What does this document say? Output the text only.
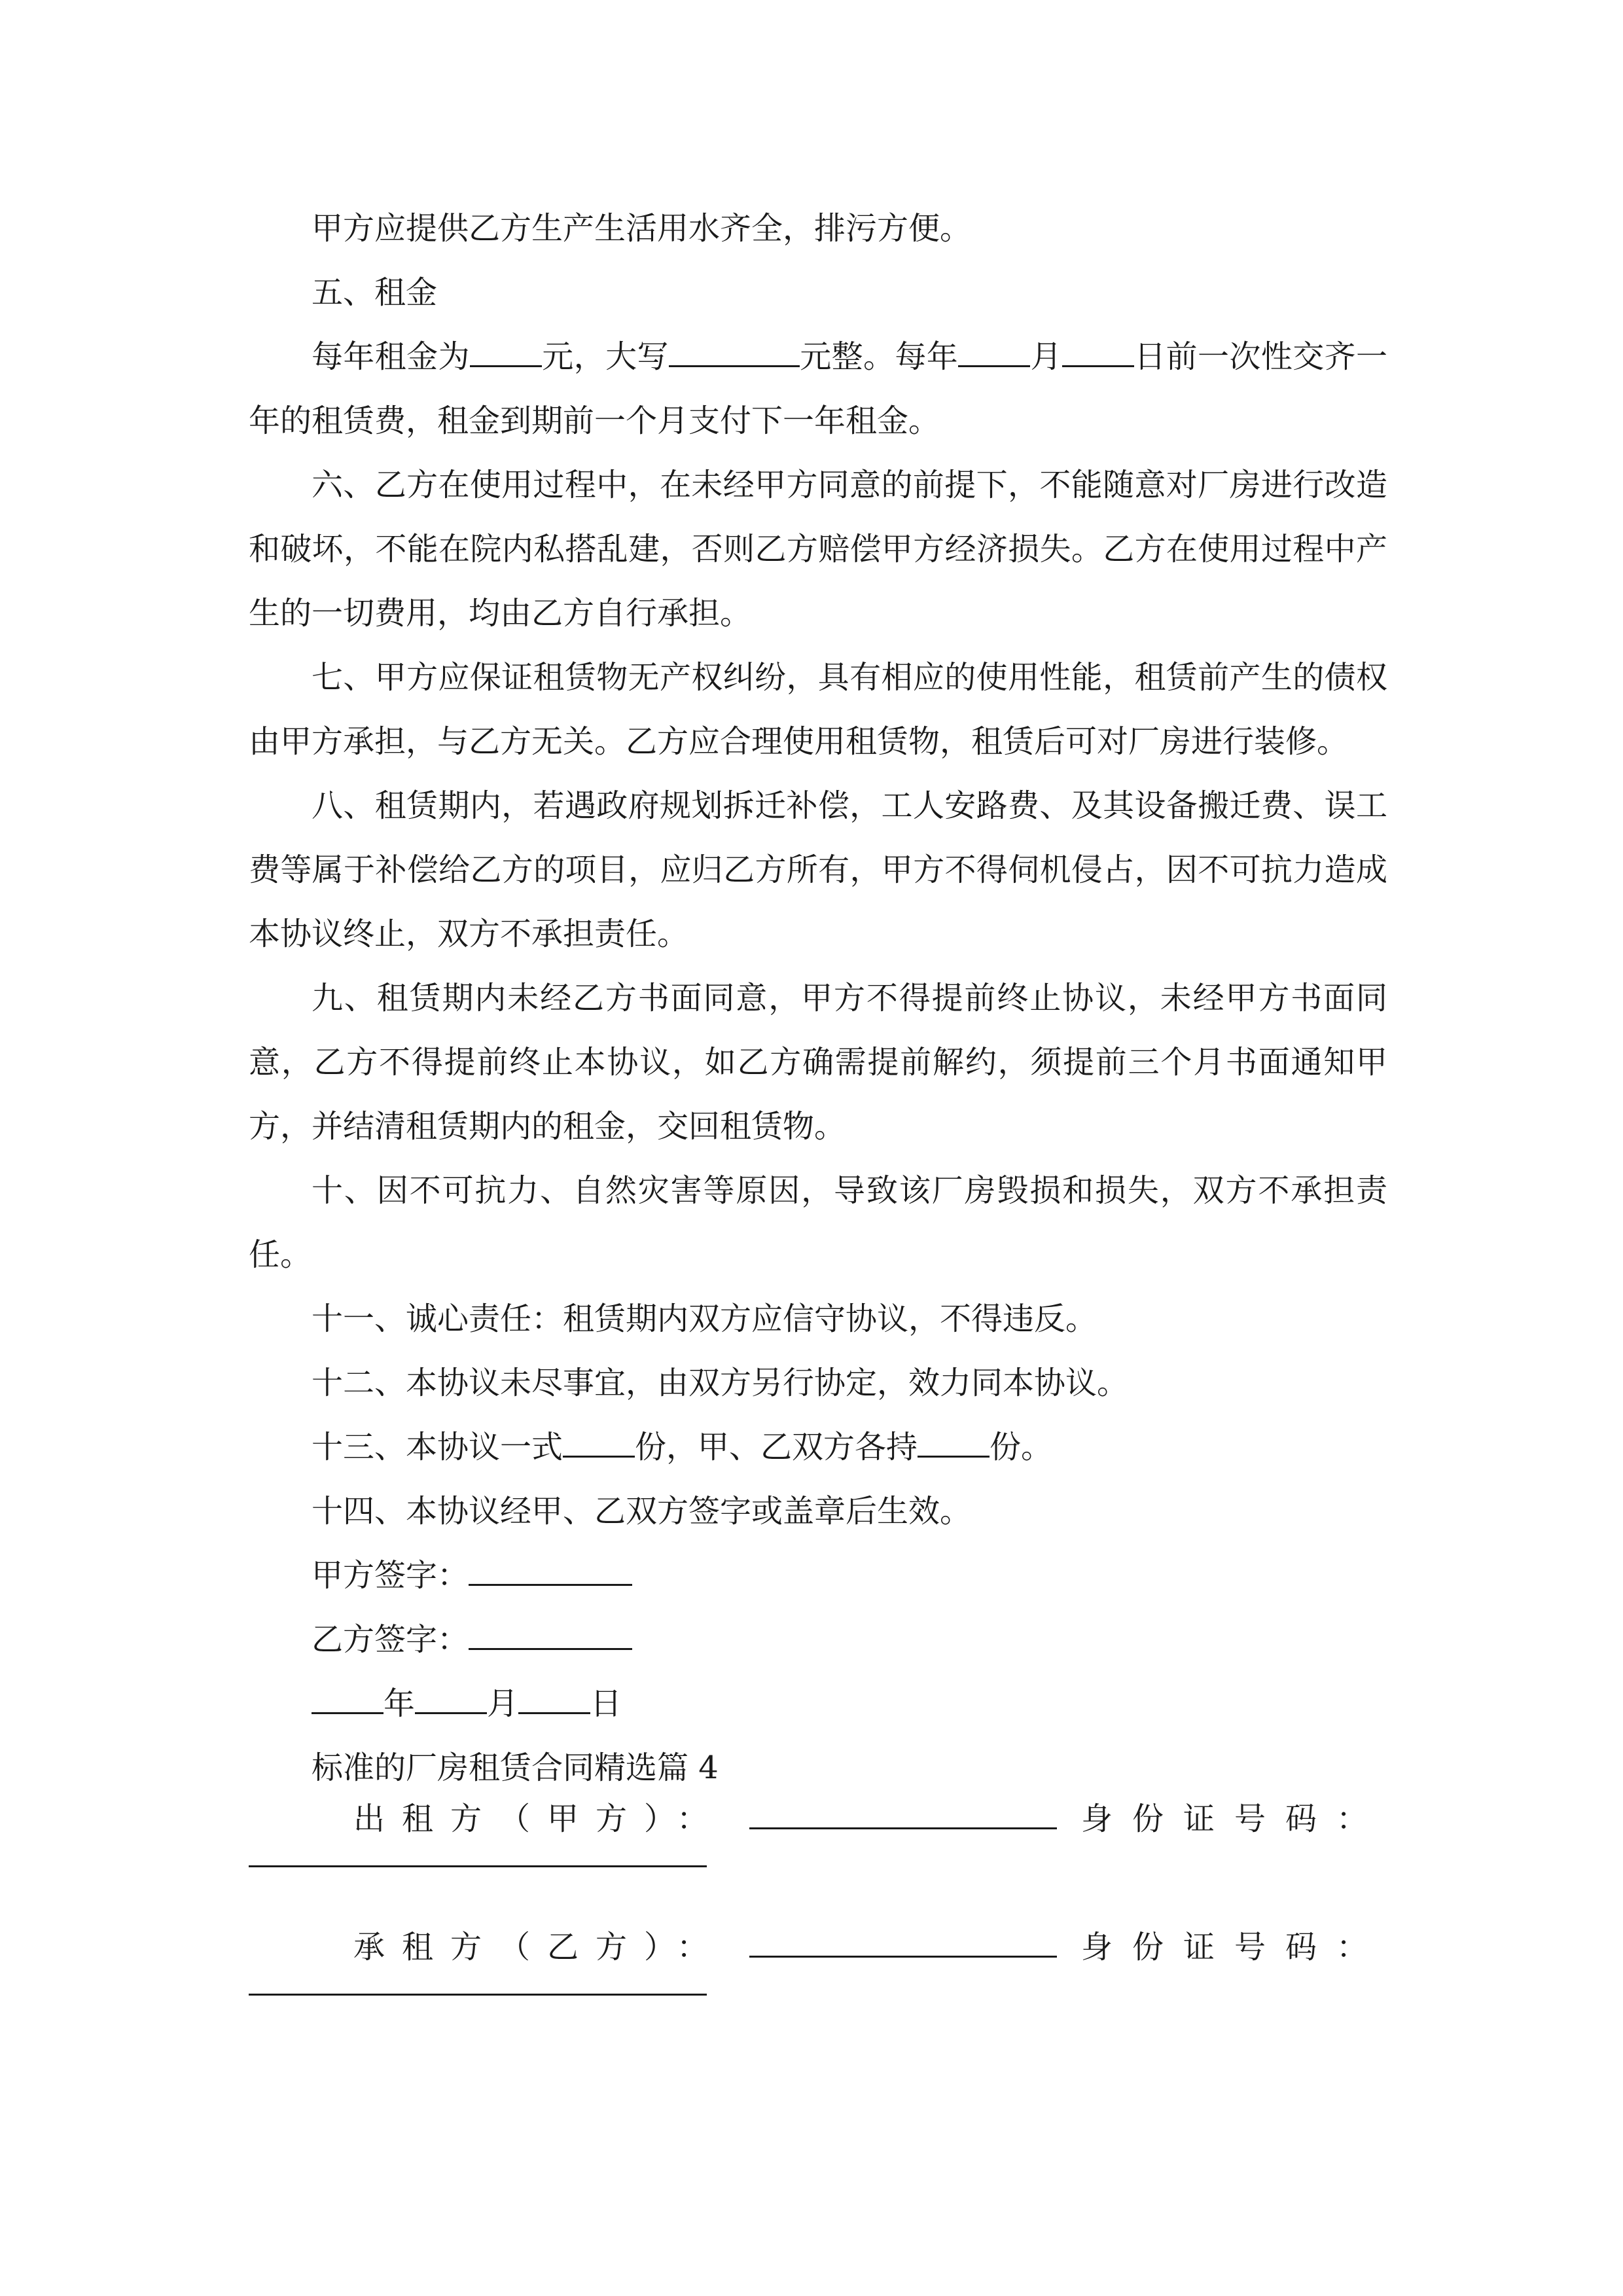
甲方应提供乙方生产生活用水齐全，排污方便。

五、租金

每年租金为 元，大写	元整。每年 月 日前一次性交齐一年的租赁费，租金到期前一个月支付下一年租金。

六、乙方在使用过程中，在未经甲方同意的前提下，不能随意对厂房进行改造和破坏，不能在院内私搭乱建，否则乙方赔偿甲方经济损失。乙方在使用过程中产生的一切费用，均由乙方自行承担。

七、甲方应保证租赁物无产权纠纷，具有相应的使用性能，租赁前产生的债权由甲方承担，与乙方无关。乙方应合理使用租赁物，租赁后可对厂房进行装修。

八、租赁期内，若遇政府规划拆迁补偿，工人安路费、及其设备搬迁费、误工费等属于补偿给乙方的项目，应归乙方所有，甲方不得伺机侵占，因不可抗力造成本协议终止，双方不承担责任。

九、租赁期内未经乙方书面同意，甲方不得提前终止协议，未经甲方书面同意，乙方不得提前终止本协议，如乙方确需提前解约，须提前三个月书面通知甲方，并结清租赁期内的租金，交回租赁物。

十、因不可抗力、自然灾害等原因，导致该厂房毁损和损失，双方不承担责任。

十一、诚心责任：租赁期内双方应信守协议，不得违反。

十二、本协议未尽事宜，由双方另行协定，效力同本协议。

十三、本协议一式 份，甲、乙双方各持 份。

十四、本协议经甲、乙双方签字或盖章后生效。

甲方签字：

乙方签字：

年 月 日

标准的厂房租赁合同精选篇 4

出租方（甲方）：	身份证号码：
承租方（乙方）：	身份证号码：
